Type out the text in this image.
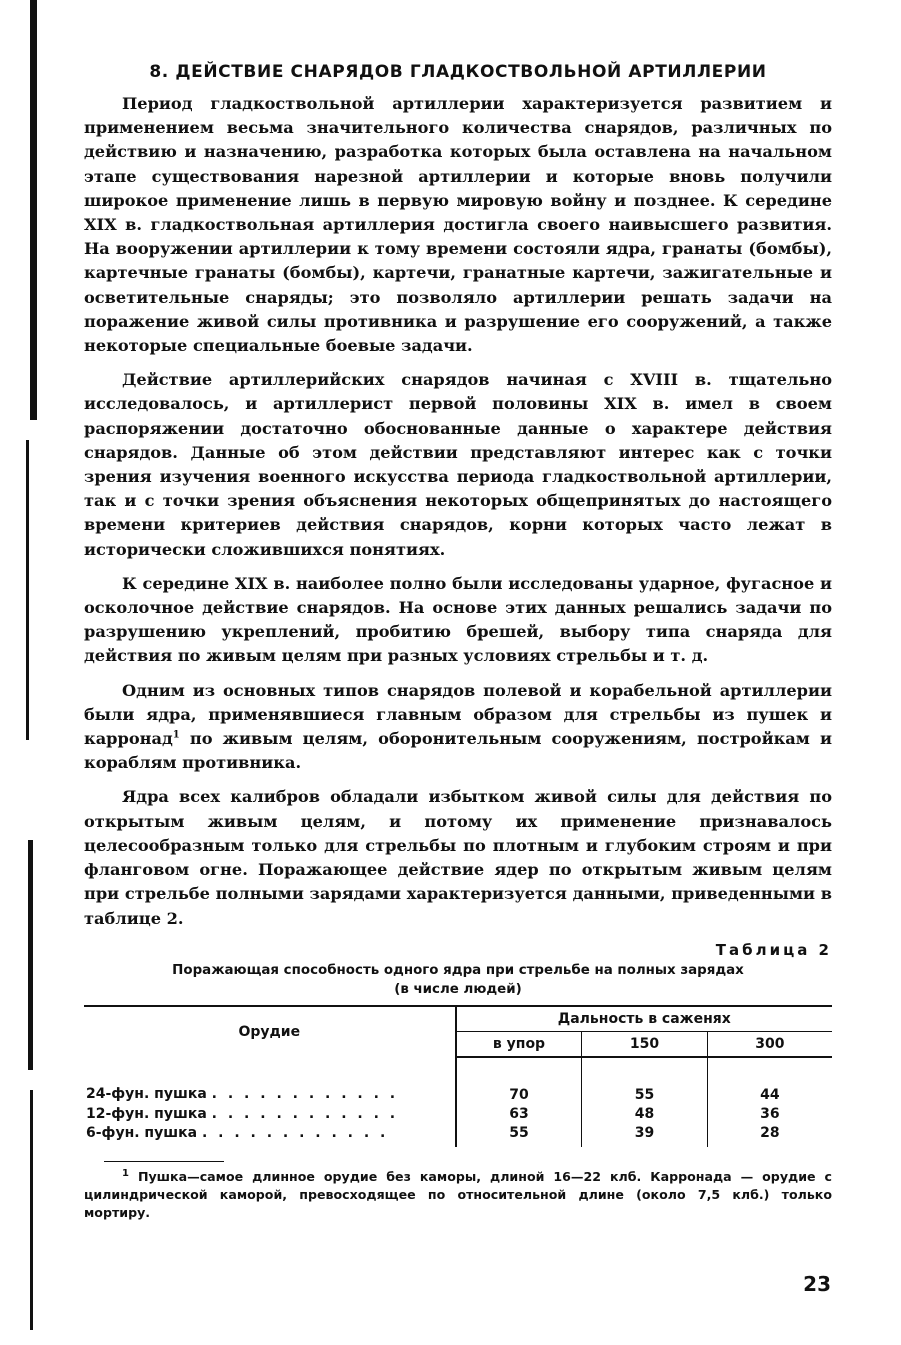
8. ДЕЙСТВИЕ СНАРЯДОВ ГЛАДКОСТВОЛЬНОЙ АРТИЛЛЕРИИ

Период гладкоствольной артиллерии характеризуется развитием и применением весьма значительного количества снарядов, различных по действию и назначению, разработка которых была оставлена на начальном этапе существования нарезной артиллерии и которые вновь получили широкое применение лишь в первую мировую войну и позднее. К середине XIX в. гладкоствольная артиллерия достигла своего наивысшего развития. На вооружении артиллерии к тому времени состояли ядра, гранаты (бомбы), картечные гранаты (бомбы), картечи, гранатные картечи, зажигательные и осветительные снаряды; это позволяло артиллерии решать задачи на поражение живой силы противника и разрушение его сооружений, а также некоторые специальные боевые задачи.

Действие артиллерийских снарядов начиная с XVIII в. тщательно исследовалось, и артиллерист первой половины XIX в. имел в своем распоряжении достаточно обоснованные данные о характере действия снарядов. Данные об этом действии представляют интерес как с точки зрения изучения военного искусства периода гладкоствольной артиллерии, так и с точки зрения объяснения некоторых общепринятых до настоящего времени критериев действия снарядов, корни которых часто лежат в исторически сложившихся понятиях.

К середине XIX в. наиболее полно были исследованы ударное, фугасное и осколочное действие снарядов. На основе этих данных решались задачи по разрушению укреплений, пробитию брешей, выбору типа снаряда для действия по живым целям при разных условиях стрельбы и т. д.

Одним из основных типов снарядов полевой и корабельной артиллерии были ядра, применявшиеся главным образом для стрельбы из пушек и карронад$^1$ по живым целям, оборонительным сооружениям, постройкам и кораблям противника.

Ядра всех калибров обладали избытком живой силы для действия по открытым живым целям, и потому их применение признавалось целесообразным только для стрельбы по плотным и глубоким строям и при фланговом огне. Поражающее действие ядер по открытым живым целям при стрельбе полными зарядами характеризуется данными, приведенными в таблице 2.

Таблица 2
Поражающая способность одного ядра при стрельбе на полных зарядах
(в числе людей)
Орудие	Дальность в саженях		
	в упор	150	300
24-фун. пушка . . . . . . . . . . . .	70	55	44
12-фун. пушка . . . . . . . . . . . .	63	48	36
6-фун. пушка . . . . . . . . . . . .	55	39	28

$^1$ Пушка—самое длинное орудие без каморы, длиной 16—22 клб. Карронада — орудие с цилиндрической каморой, превосходящее по относительной длине (около 7,5 клб.) только мортиру.

23
